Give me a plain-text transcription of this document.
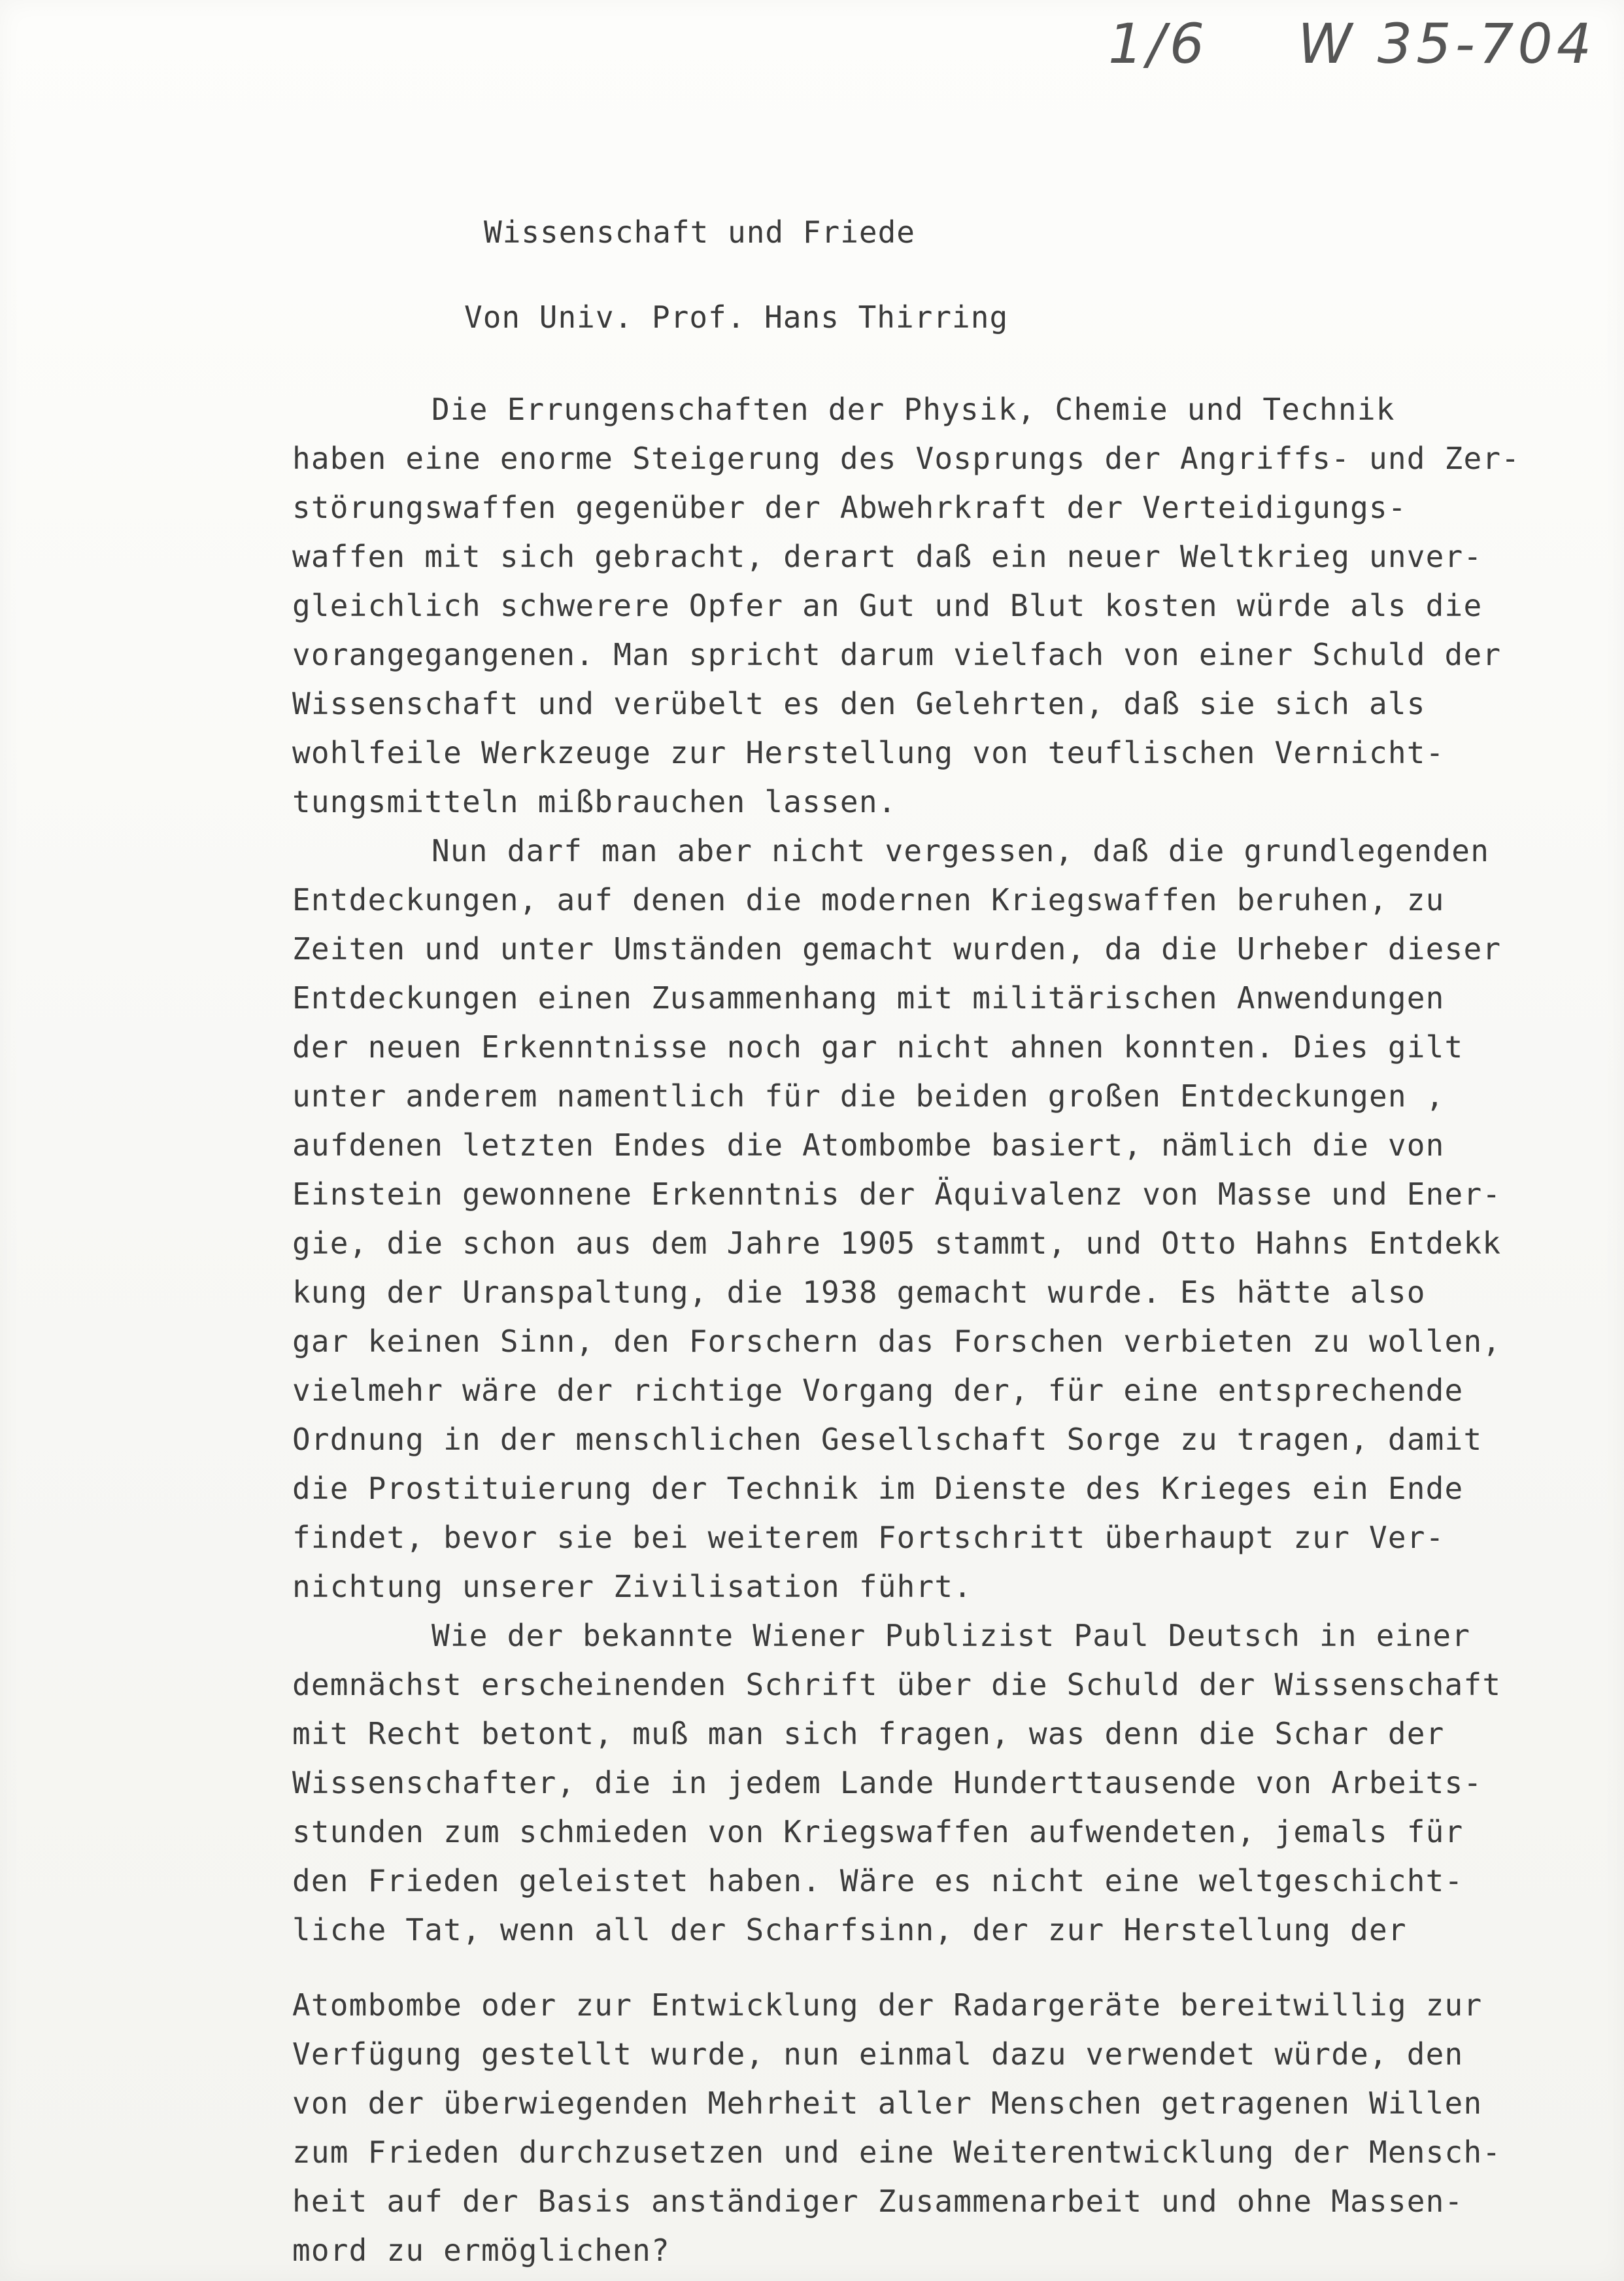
1/6 W 35-704
Wissenschaft und Friede
Von Univ. Prof. Hans Thirring
Die Errungenschaften der Physik, Chemie und Technik
haben eine enorme Steigerung des Vosprungs der Angriffs- und Zer-
störungswaffen gegenüber der Abwehrkraft der Verteidigungs-
waffen mit sich gebracht, derart daß ein neuer Weltkrieg unver-
gleichlich schwerere Opfer an Gut und Blut kosten würde als die
vorangegangenen. Man spricht darum vielfach von einer Schuld der
Wissenschaft und verübelt es den Gelehrten, daß sie sich als
wohlfeile Werkzeuge zur Herstellung von teuflischen Vernicht-
tungsmitteln mißbrauchen lassen.
Nun darf man aber nicht vergessen, daß die grundlegenden
Entdeckungen, auf denen die modernen Kriegswaffen beruhen, zu
Zeiten und unter Umständen gemacht wurden, da die Urheber dieser
Entdeckungen einen Zusammenhang mit militärischen Anwendungen
der neuen Erkenntnisse noch gar nicht ahnen konnten. Dies gilt
unter anderem namentlich für die beiden großen Entdeckungen ,
aufdenen letzten Endes die Atombombe basiert, nämlich die von
Einstein gewonnene Erkenntnis der Äquivalenz von Masse und Ener-
gie, die schon aus dem Jahre 1905 stammt, und Otto Hahns Entdekk
kung der Uranspaltung, die 1938 gemacht wurde. Es hätte also
gar keinen Sinn, den Forschern das Forschen verbieten zu wollen,
vielmehr wäre der richtige Vorgang der, für eine entsprechende
Ordnung in der menschlichen Gesellschaft Sorge zu tragen, damit
die Prostituierung der Technik im Dienste des Krieges ein Ende
findet, bevor sie bei weiterem Fortschritt überhaupt zur Ver-
nichtung unserer Zivilisation führt.
Wie der bekannte Wiener Publizist Paul Deutsch in einer
demnächst erscheinenden Schrift über die Schuld der Wissenschaft
mit Recht betont, muß man sich fragen, was denn die Schar der
Wissenschafter, die in jedem Lande Hunderttausende von Arbeits-
stunden zum schmieden von Kriegswaffen aufwendeten, jemals für
den Frieden geleistet haben. Wäre es nicht eine weltgeschicht-
liche Tat, wenn all der Scharfsinn, der zur Herstellung der
Atombombe oder zur Entwicklung der Radargeräte bereitwillig zur
Verfügung gestellt wurde, nun einmal dazu verwendet würde, den
von der überwiegenden Mehrheit aller Menschen getragenen Willen
zum Frieden durchzusetzen und eine Weiterentwicklung der Mensch-
heit auf der Basis anständiger Zusammenarbeit und ohne Massen-
mord zu ermöglichen?
